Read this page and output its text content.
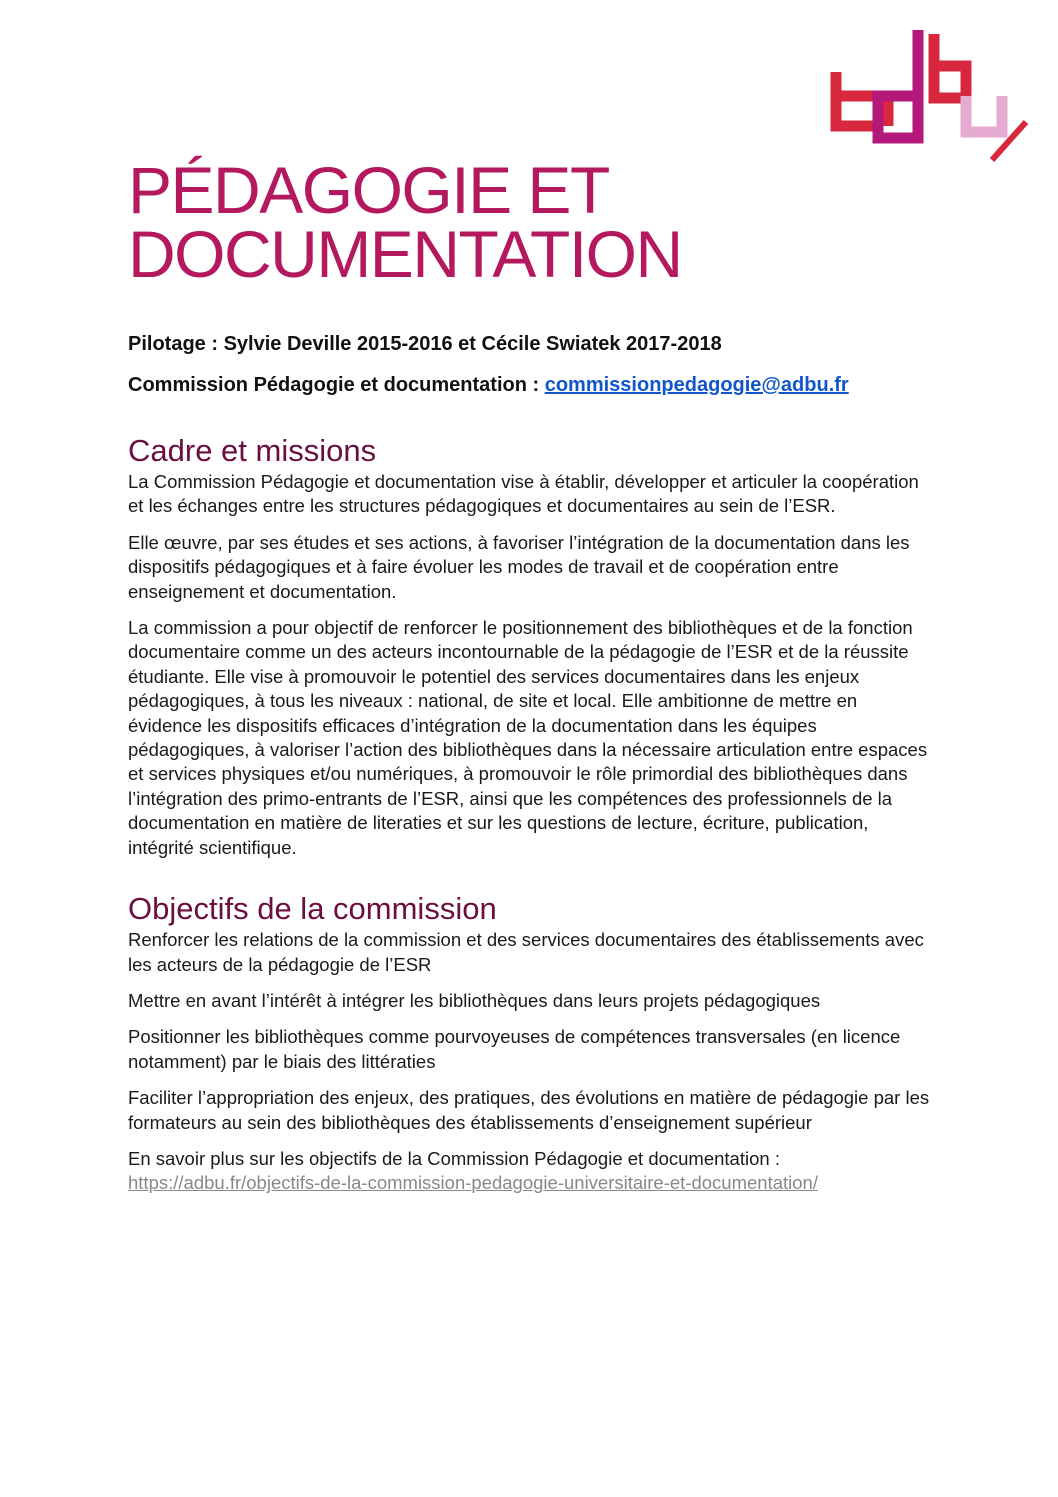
PÉDAGOGIE ET
DOCUMENTATION
Pilotage : Sylvie Deville 2015-2016 et Cécile Swiatek 2017-2018
Commission Pédagogie et documentation : commissionpedagogie@adbu.fr
Cadre et missions

La Commission Pédagogie et documentation vise à établir, développer et articuler la coopération et les échanges entre les structures pédagogiques et documentaires au sein de l’ESR.

Elle œuvre, par ses études et ses actions, à favoriser l’intégration de la documentation dans les dispositifs pédagogiques et à faire évoluer les modes de travail et de coopération entre enseignement et documentation.

La commission a pour objectif de renforcer le positionnement des bibliothèques et de la fonction documentaire comme un des acteurs incontournable de la pédagogie de l’ESR et de la réussite étudiante. Elle vise à promouvoir le potentiel des services documentaires dans les enjeux pédagogiques, à tous les niveaux : national, de site et local. Elle ambitionne de mettre en évidence les dispositifs efficaces d’intégration de la documentation dans les équipes pédagogiques, à valoriser l’action des bibliothèques dans la nécessaire articulation entre espaces et services physiques et/ou numériques, à promouvoir le rôle primordial des bibliothèques dans l’intégration des primo-entrants de l’ESR, ainsi que les compétences des professionnels de la documentation en matière de literaties et sur les questions de lecture, écriture, publication, intégrité scientifique.

Objectifs de la commission

Renforcer les relations de la commission et des services documentaires des établissements avec les acteurs de la pédagogie de l’ESR

Mettre en avant l’intérêt à intégrer les bibliothèques dans leurs projets pédagogiques

Positionner les bibliothèques comme pourvoyeuses de compétences transversales (en licence notamment) par le biais des littératies

Faciliter l’appropriation des enjeux, des pratiques, des évolutions en matière de pédagogie par les formateurs au sein des bibliothèques des établissements d’enseignement supérieur

En savoir plus sur les objectifs de la Commission Pédagogie et documentation :
https://adbu.fr/objectifs-de-la-commission-pedagogie-universitaire-et-documentation/
